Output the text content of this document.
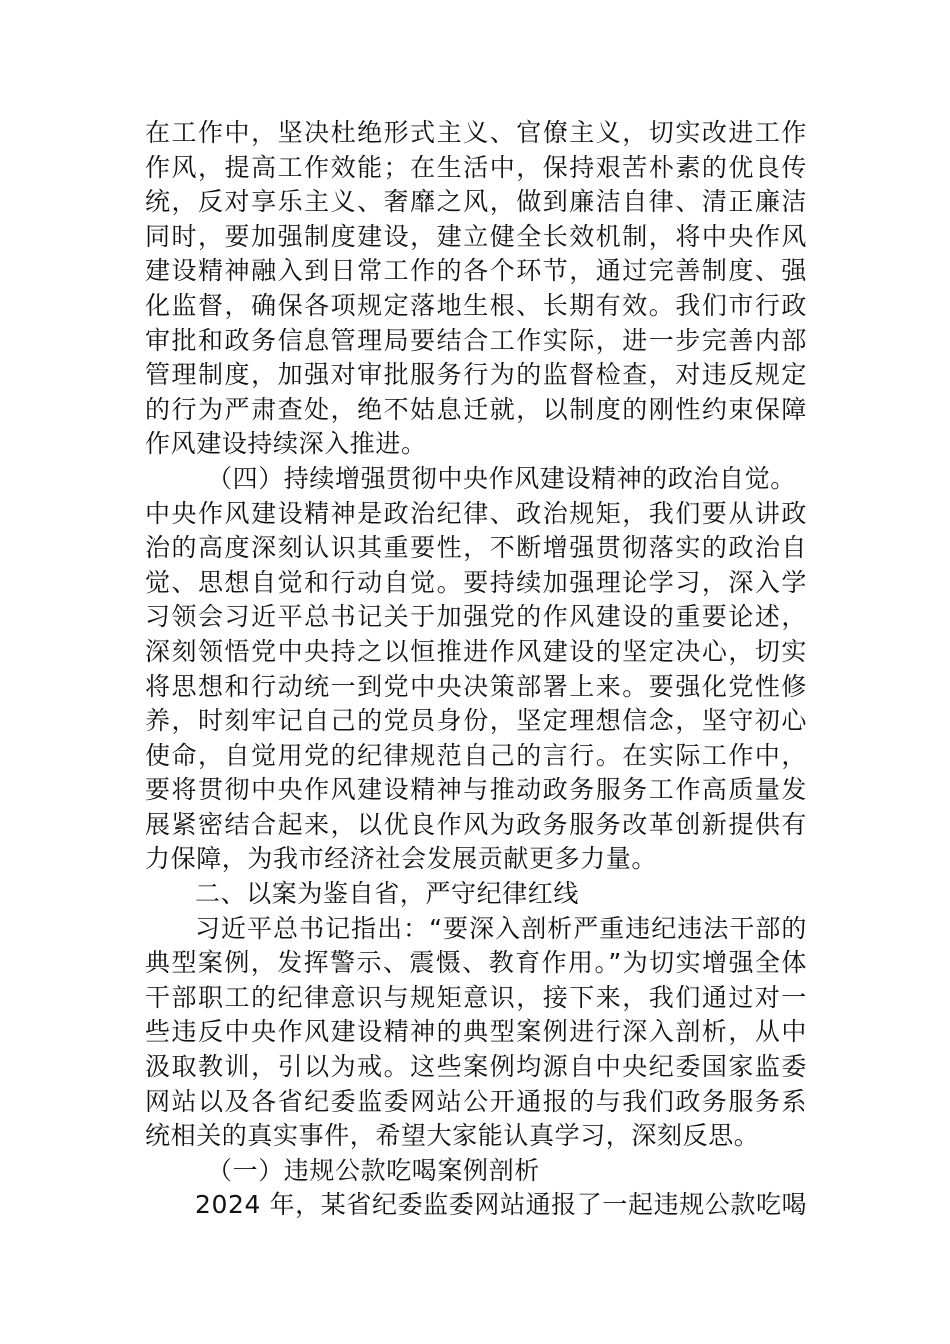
在工作中，坚决杜绝形式主义、官僚主义，切实改进工作
作风，提高工作效能；在生活中，保持艰苦朴素的优良传
统，反对享乐主义、奢靡之风，做到廉洁自律、清正廉洁
同时，要加强制度建设，建立健全长效机制，将中央作风
建设精神融入到日常工作的各个环节，通过完善制度、强
化监督，确保各项规定落地生根、长期有效。我们市行政
审批和政务信息管理局要结合工作实际，进一步完善内部
管理制度，加强对审批服务行为的监督检查，对违反规定
的行为严肃查处，绝不姑息迁就，以制度的刚性约束保障
作风建设持续深入推进。
（四）持续增强贯彻中央作风建设精神的政治自觉。
中央作风建设精神是政治纪律、政治规矩，我们要从讲政
治的高度深刻认识其重要性，不断增强贯彻落实的政治自
觉、思想自觉和行动自觉。要持续加强理论学习，深入学
习领会习近平总书记关于加强党的作风建设的重要论述，
深刻领悟党中央持之以恒推进作风建设的坚定决心，切实
将思想和行动统一到党中央决策部署上来。要强化党性修
养，时刻牢记自己的党员身份，坚定理想信念，坚守初心
使命，自觉用党的纪律规范自己的言行。在实际工作中，
要将贯彻中央作风建设精神与推动政务服务工作高质量发
展紧密结合起来，以优良作风为政务服务改革创新提供有
力保障，为我市经济社会发展贡献更多力量。
二、以案为鉴自省，严守纪律红线
习近平总书记指出：“要深入剖析严重违纪违法干部的
典型案例，发挥警示、震慑、教育作用。”为切实增强全体
干部职工的纪律意识与规矩意识，接下来，我们通过对一
些违反中央作风建设精神的典型案例进行深入剖析，从中
汲取教训，引以为戒。这些案例均源自中央纪委国家监委
网站以及各省纪委监委网站公开通报的与我们政务服务系
统相关的真实事件，希望大家能认真学习，深刻反思。
（一）违规公款吃喝案例剖析
2024 年，某省纪委监委网站通报了一起违规公款吃喝
